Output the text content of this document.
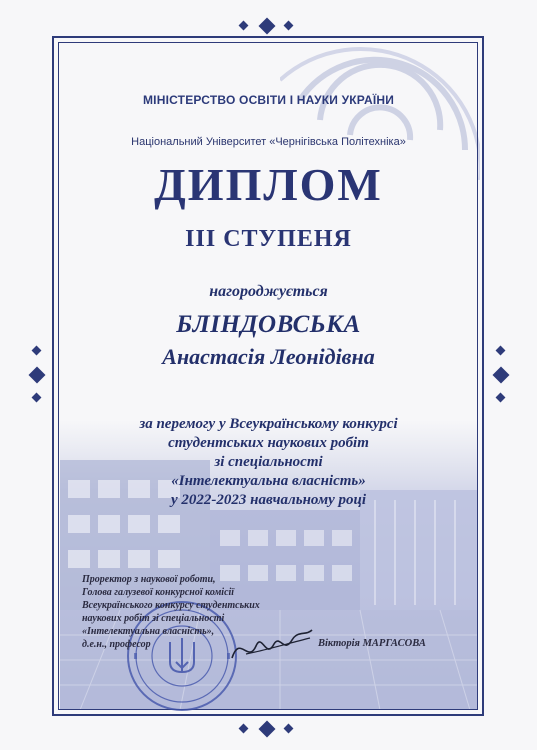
МІНІСТЕРСТВО ОСВІТИ І НАУКИ УКРАЇНИ
Національний Університет «Чернігівська Політехніка»
ДИПЛОМ
ІІІ СТУПЕНЯ
нагороджується
БЛІНДОВСЬКА
Анастасія Леонідівна
за перемогу у Всеукраїнському конкурсі
студентських наукових робіт
зі спеціальності
«Інтелектуальна власність»
у 2022-2023 навчальному році
Проректор з наукової роботи,
Голова галузевої конкурсної комісії
Всеукраїнського конкурсу студентських
наукових робіт зі спеціальності
«Інтелектуальна власність»,
д.е.н., професор	Вікторія МАРГАСОВА
